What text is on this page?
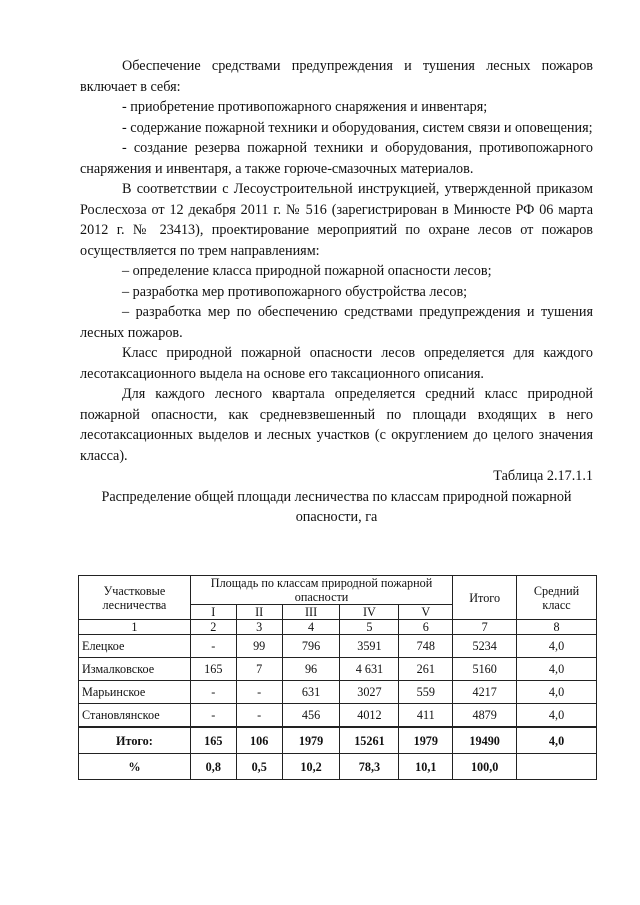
Обеспечение средствами предупреждения и тушения лесных пожаров включает в себя:

- приобретение противопожарного снаряжения и инвентаря;

- содержание пожарной техники и оборудования, систем связи и оповещения;

- создание резерва пожарной техники и оборудования, противопожарного снаряжения и инвентаря, а также горюче-смазочных материалов.

В соответствии с Лесоустроительной инструкцией, утвержденной приказом Рослесхоза от 12 декабря 2011 г. № 516 (зарегистрирован в Минюсте РФ 06 марта 2012 г. № 23413), проектирование мероприятий по охране лесов от пожаров осуществляется по трем направлениям:

– определение класса природной пожарной опасности лесов;

– разработка мер противопожарного обустройства лесов;

– разработка мер по обеспечению средствами предупреждения и тушения лесных пожаров.

Класс природной пожарной опасности лесов определяется для каждого лесотаксационного выдела на основе его таксационного описания.

Для каждого лесного квартала определяется средний класс природной пожарной опасности, как средневзвешенный по площади входящих в него лесотаксационных выделов и лесных участков (с округлением до целого значения класса).

Таблица 2.17.1.1

Распределение общей площади лесничества по классам природной пожарной опасности, га

Участковые лесничества	Площадь по классам природной пожарной опасности					Итого	Средний класс
	I	II	III	IV	V		
1	2	3	4	5	6	7	8
Елецкое	-	99	796	3591	748	5234	4,0
Измалковское	165	7	96	4 631	261	5160	4,0
Марьинское	-	-	631	3027	559	4217	4,0
Становлянское	-	-	456	4012	411	4879	4,0
Итого:	165	106	1979	15261	1979	19490	4,0
%	0,8	0,5	10,2	78,3	10,1	100,0	
